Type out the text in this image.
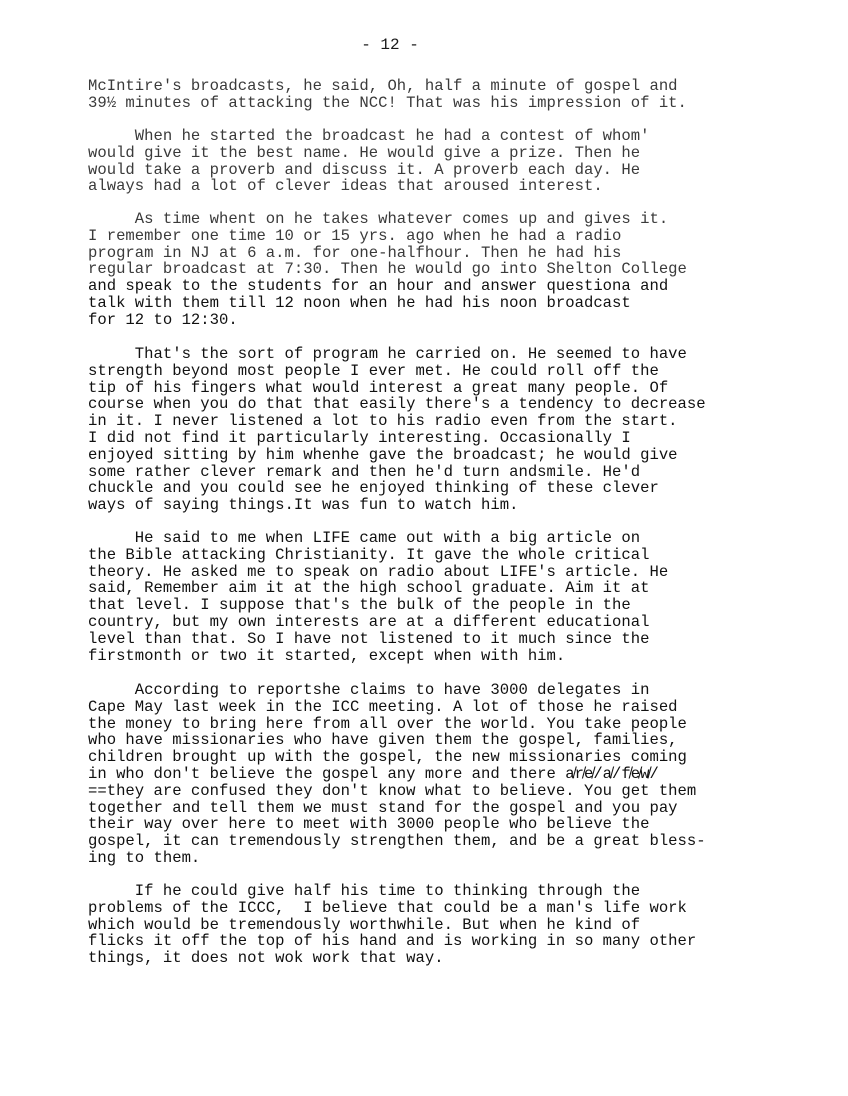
- 12 -
McIntire's broadcasts, he said, Oh, half a minute of gospel and
39½ minutes of attacking the NCC! That was his impression of it.
When he started the broadcast he had a contest of whom'
would give it the best name. He would give a prize. Then he
would take a proverb and discuss it. A proverb each day. He
always had a lot of clever ideas that aroused interest.
As time whent on he takes whatever comes up and gives it.
I remember one time 10 or 15 yrs. ago when he had a radio
program in NJ at 6 a.m. for one-halfhour. Then he had his
regular broadcast at 7:30. Then he would go into Shelton College
and speak to the students for an hour and answer questiona and
talk with them till 12 noon when he had his noon broadcast
for 12 to 12:30.
That's the sort of program he carried on. He seemed to have
strength beyond most people I ever met. He could roll off the
tip of his fingers what would interest a great many people. Of
course when you do that that easily there's a tendency to decrease
in it. I never listened a lot to his radio even from the start.
I did not find it particularly interesting. Occasionally I
enjoyed sitting by him whenhe gave the broadcast; he would give
some rather clever remark and then he'd turn andsmile. He'd
chuckle and you could see he enjoyed thinking of these clever
ways of saying things.It was fun to watch him.
He said to me when LIFE came out with a big article on
the Bible attacking Christianity. It gave the whole critical
theory. He asked me to speak on radio about LIFE's article. He
said, Remember aim it at the high school graduate. Aim it at
that level. I suppose that's the bulk of the people in the
country, but my own interests are at a different educational
level than that. So I have not listened to it much since the
firstmonth or two it started, except when with him.
According to reportshe claims to have 3000 delegates in
Cape May last week in the ICC meeting. A lot of those he raised
the money to bring here from all over the world. You take people
who have missionaries who have given them the gospel, families,
children brought up with the gospel, the new missionaries coming
in who don't believe the gospel any more and there a̸r̸e̸/a̸/f̸e̸w̸/
==they are confused they don't know what to believe. You get them
together and tell them we must stand for the gospel and you pay
their way over here to meet with 3000 people who believe the
gospel, it can tremendously strengthen them, and be a great bless-
ing to them.
If he could give half his time to thinking through the
problems of the ICCC,  I believe that could be a man's life work
which would be tremendously worthwhile. But when he kind of
flicks it off the top of his hand and is working in so many other
things, it does not wok work that way.
